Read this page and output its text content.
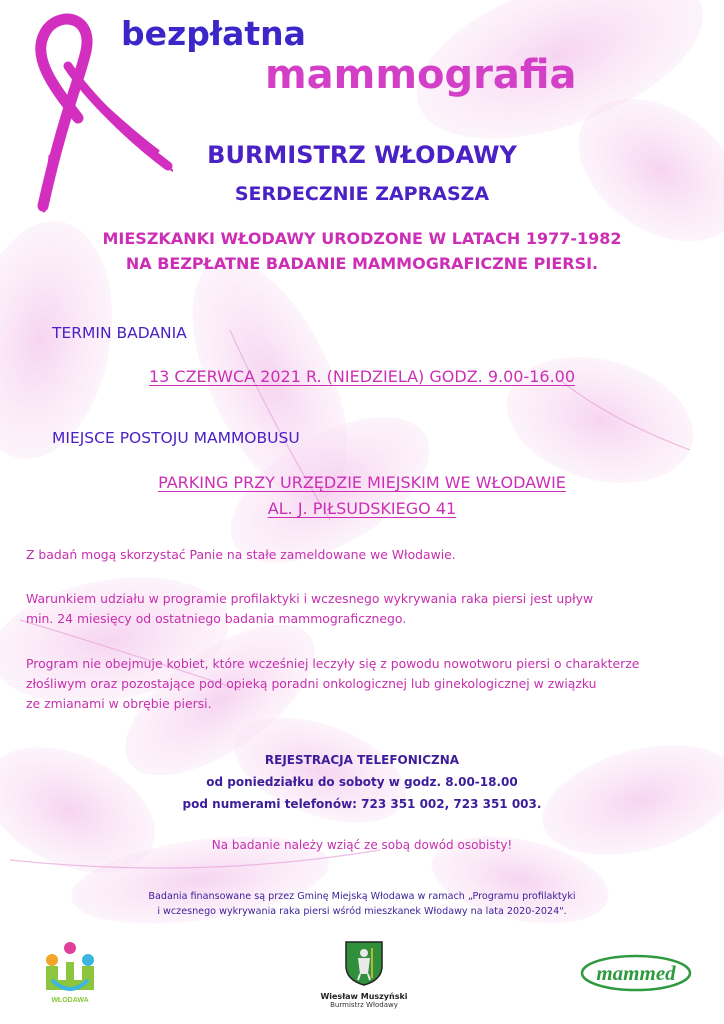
bezpłatna

mammografia

BURMISTRZ WŁODAWY

SERDECZNIE ZAPRASZA

MIESZKANKI WŁODAWY URODZONE W LATACH 1977-1982

NA BEZPŁATNE BADANIE MAMMOGRAFICZNE PIERSI.

TERMIN BADANIA

13 CZERWCA 2021 R. (NIEDZIELA) GODZ. 9.00-16.00

MIEJSCE POSTOJU MAMMOBUSU

PARKING PRZY URZĘDZIE MIEJSKIM WE WŁODAWIE

AL. J. PIŁSUDSKIEGO 41

Z badań mogą skorzystać Panie na stałe zameldowane we Włodawie.
Warunkiem udziału w programie profilaktyki i wczesnego wykrywania raka piersi jest upływ
min. 24 miesięcy od ostatniego badania mammograficznego.
Program nie obejmuje kobiet, które wcześniej leczyły się z powodu nowotworu piersi o charakterze
złośliwym oraz pozostające pod opieką poradni onkologicznej lub ginekologicznej w związku
ze zmianami w obrębie piersi.
REJESTRACJA TELEFONICZNA
od poniedziałku do soboty w godz. 8.00-18.00
pod numerami telefonów: 723 351 002, 723 351 003.

Na badanie należy wziąć ze sobą dowód osobisty!

Badania finansowane są przez Gminę Miejską Włodawa w ramach „Programu profilaktyki
i wczesnego wykrywania raka piersi wśród mieszkanek Włodawy na lata 2020-2024".
WŁODAWA	Wiesław Muszyński
Burmistrz Włodawy
mammed
